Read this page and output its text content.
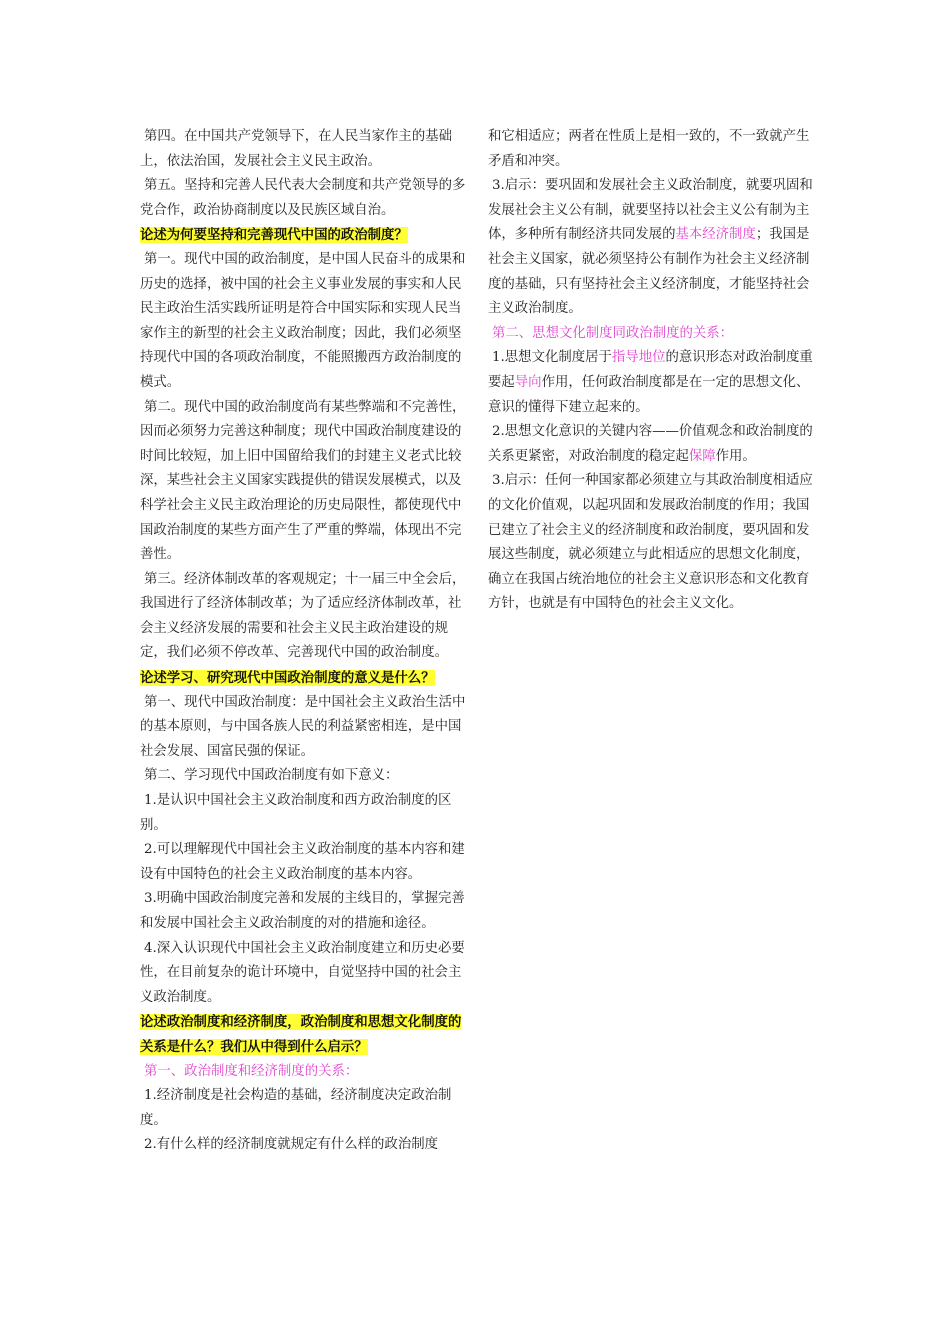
第四。在中国共产党领导下，在人民当家作主的基础上，依法治国，发展社会主义民主政治。

第五。坚持和完善人民代表大会制度和共产党领导的多党合作，政治协商制度以及民族区域自治。

论述为何要坚持和完善现代中国的政治制度？

第一。现代中国的政治制度，是中国人民奋斗的成果和历史的选择，被中国的社会主义事业发展的事实和人民民主政治生活实践所证明是符合中国实际和实现人民当家作主的新型的社会主义政治制度；因此，我们必须坚持现代中国的各项政治制度，不能照搬西方政治制度的模式。

第二。现代中国的政治制度尚有某些弊端和不完善性，因而必须努力完善这种制度；现代中国政治制度建设的时间比较短，加上旧中国留给我们的封建主义老式比较深，某些社会主义国家实践提供的错误发展模式，以及科学社会主义民主政治理论的历史局限性，都使现代中国政治制度的某些方面产生了严重的弊端，体现出不完善性。

第三。经济体制改革的客观规定；十一届三中全会后，我国进行了经济体制改革；为了适应经济体制改革，社会主义经济发展的需要和社会主义民主政治建设的规定，我们必须不停改革、完善现代中国的政治制度。

论述学习、研究现代中国政治制度的意义是什么？

第一、现代中国政治制度：是中国社会主义政治生活中的基本原则，与中国各族人民的利益紧密相连，是中国社会发展、国富民强的保证。

第二、学习现代中国政治制度有如下意义：

1.是认识中国社会主义政治制度和西方政治制度的区别。

2.可以理解现代中国社会主义政治制度的基本内容和建设有中国特色的社会主义政治制度的基本内容。

3.明确中国政治制度完善和发展的主线目的，掌握完善和发展中国社会主义政治制度的对的措施和途径。

4.深入认识现代中国社会主义政治制度建立和历史必要性，在目前复杂的诡计环境中，自觉坚持中国的社会主义政治制度。

论述政治制度和经济制度，政治制度和思想文化制度的关系是什么？我们从中得到什么启示？

第一、政治制度和经济制度的关系：

1.经济制度是社会构造的基础，经济制度决定政治制度。

2.有什么样的经济制度就规定有什么样的政治制度

和它相适应；两者在性质上是相一致的，不一致就产生矛盾和冲突。

3.启示：要巩固和发展社会主义政治制度，就要巩固和发展社会主义公有制，就要坚持以社会主义公有制为主体，多种所有制经济共同发展的基本经济制度；我国是社会主义国家，就必须坚持公有制作为社会主义经济制度的基础，只有坚持社会主义经济制度，才能坚持社会主义政治制度。

第二、思想文化制度同政治制度的关系：

1.思想文化制度居于指导地位的意识形态对政治制度重要起导向作用，任何政治制度都是在一定的思想文化、意识的懂得下建立起来的。

2.思想文化意识的关键内容——价值观念和政治制度的关系更紧密，对政治制度的稳定起保障作用。

3.启示：任何一种国家都必须建立与其政治制度相适应的文化价值观，以起巩固和发展政治制度的作用；我国已建立了社会主义的经济制度和政治制度，要巩固和发展这些制度，就必须建立与此相适应的思想文化制度，确立在我国占统治地位的社会主义意识形态和文化教育方针，也就是有中国特色的社会主义文化。
